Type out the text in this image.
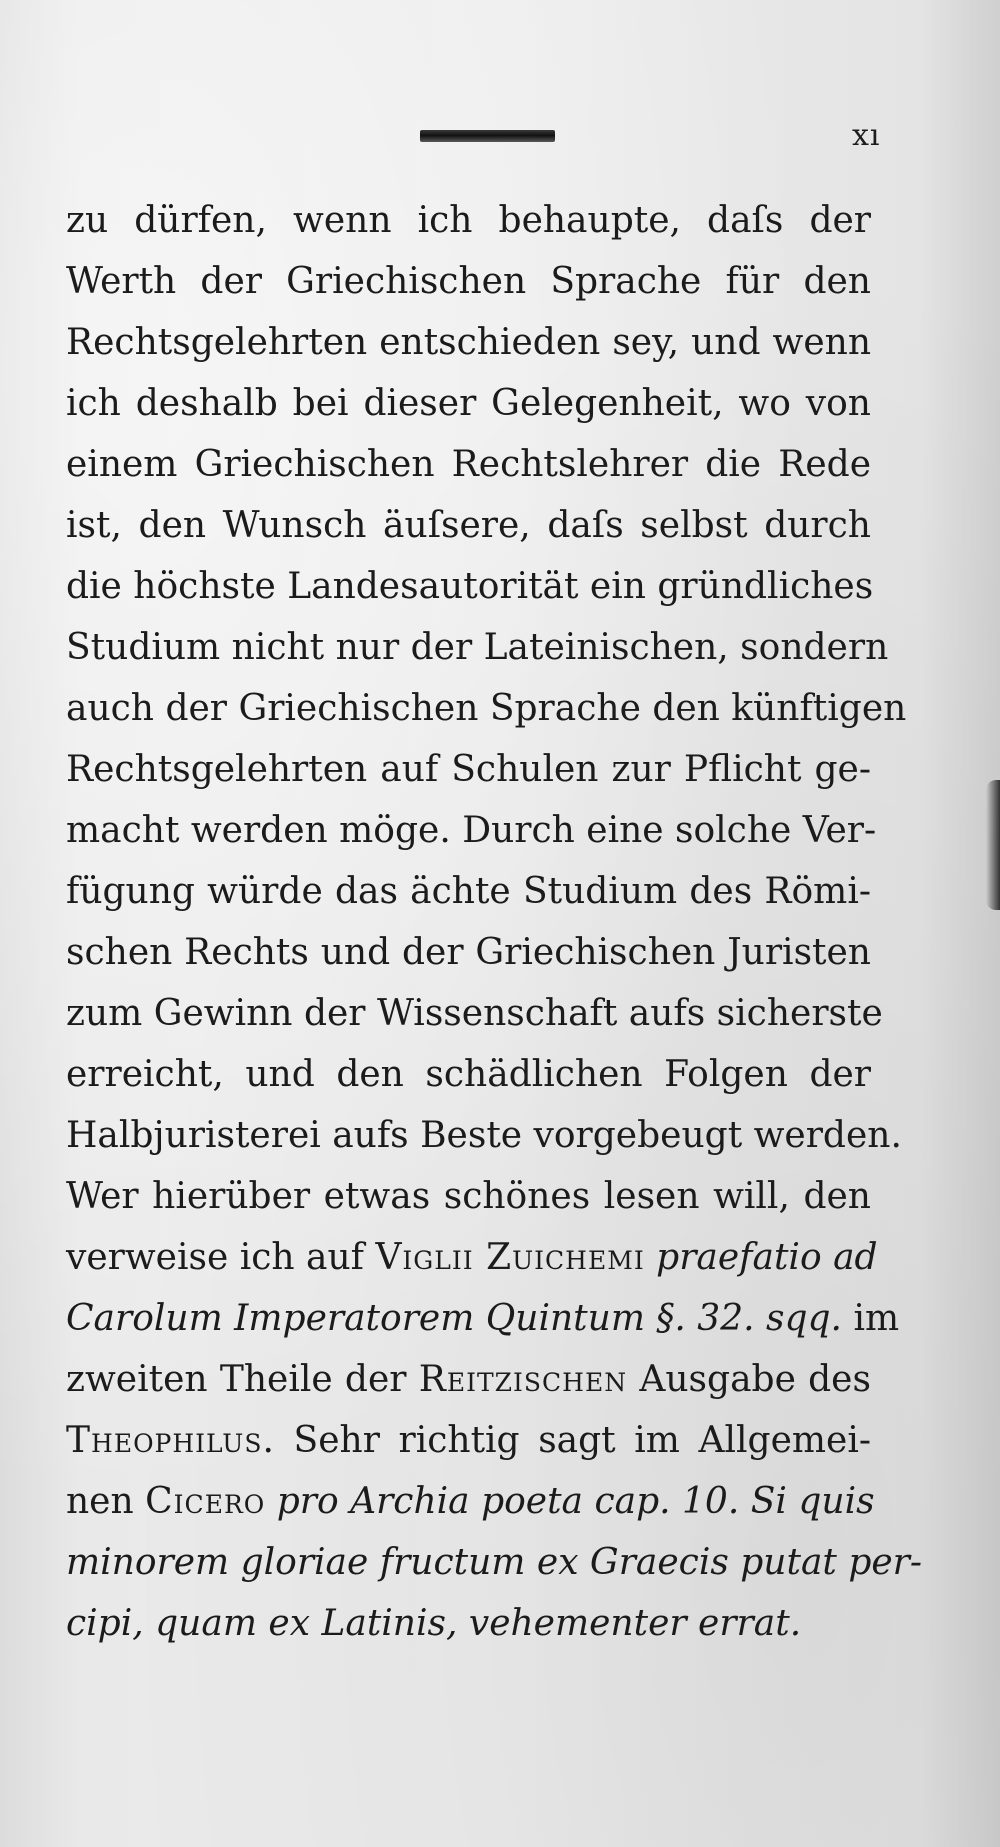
xı
zu dürfen, wenn ich behaupte, daſs der
Werth der Griechischen Sprache für den
Rechtsgelehrten entschieden sey, und wenn
ich deshalb bei dieser Gelegenheit, wo von
einem Griechischen Rechtslehrer die Rede
ist, den Wunsch äuſsere, daſs selbst durch
die höchste Landesautorität ein gründliches
Studium nicht nur der Lateinischen, sondern
auch der Griechischen Sprache den künftigen
Rechtsgelehrten auf Schulen zur Pflicht ge-
macht werden möge. Durch eine solche Ver-
fügung würde das ächte Studium des Römi-
schen Rechts und der Griechischen Juristen
zum Gewinn der Wissenschaft aufs sicherste
erreicht, und den schädlichen Folgen der
Halbjuristerei aufs Beste vorgebeugt werden.
Wer hierüber etwas schönes lesen will, den
verweise ich auf Viglii Zuichemi praefatio ad
Carolum Imperatorem Quintum §. 32. sqq. im
zweiten Theile der Reitzischen Ausgabe des
Theophilus. Sehr richtig sagt im Allgemei-
nen Cicero pro Archia poeta cap. 10. Si quis
minorem gloriae fructum ex Graecis putat per-
cipi, quam ex Latinis, vehementer errat.
